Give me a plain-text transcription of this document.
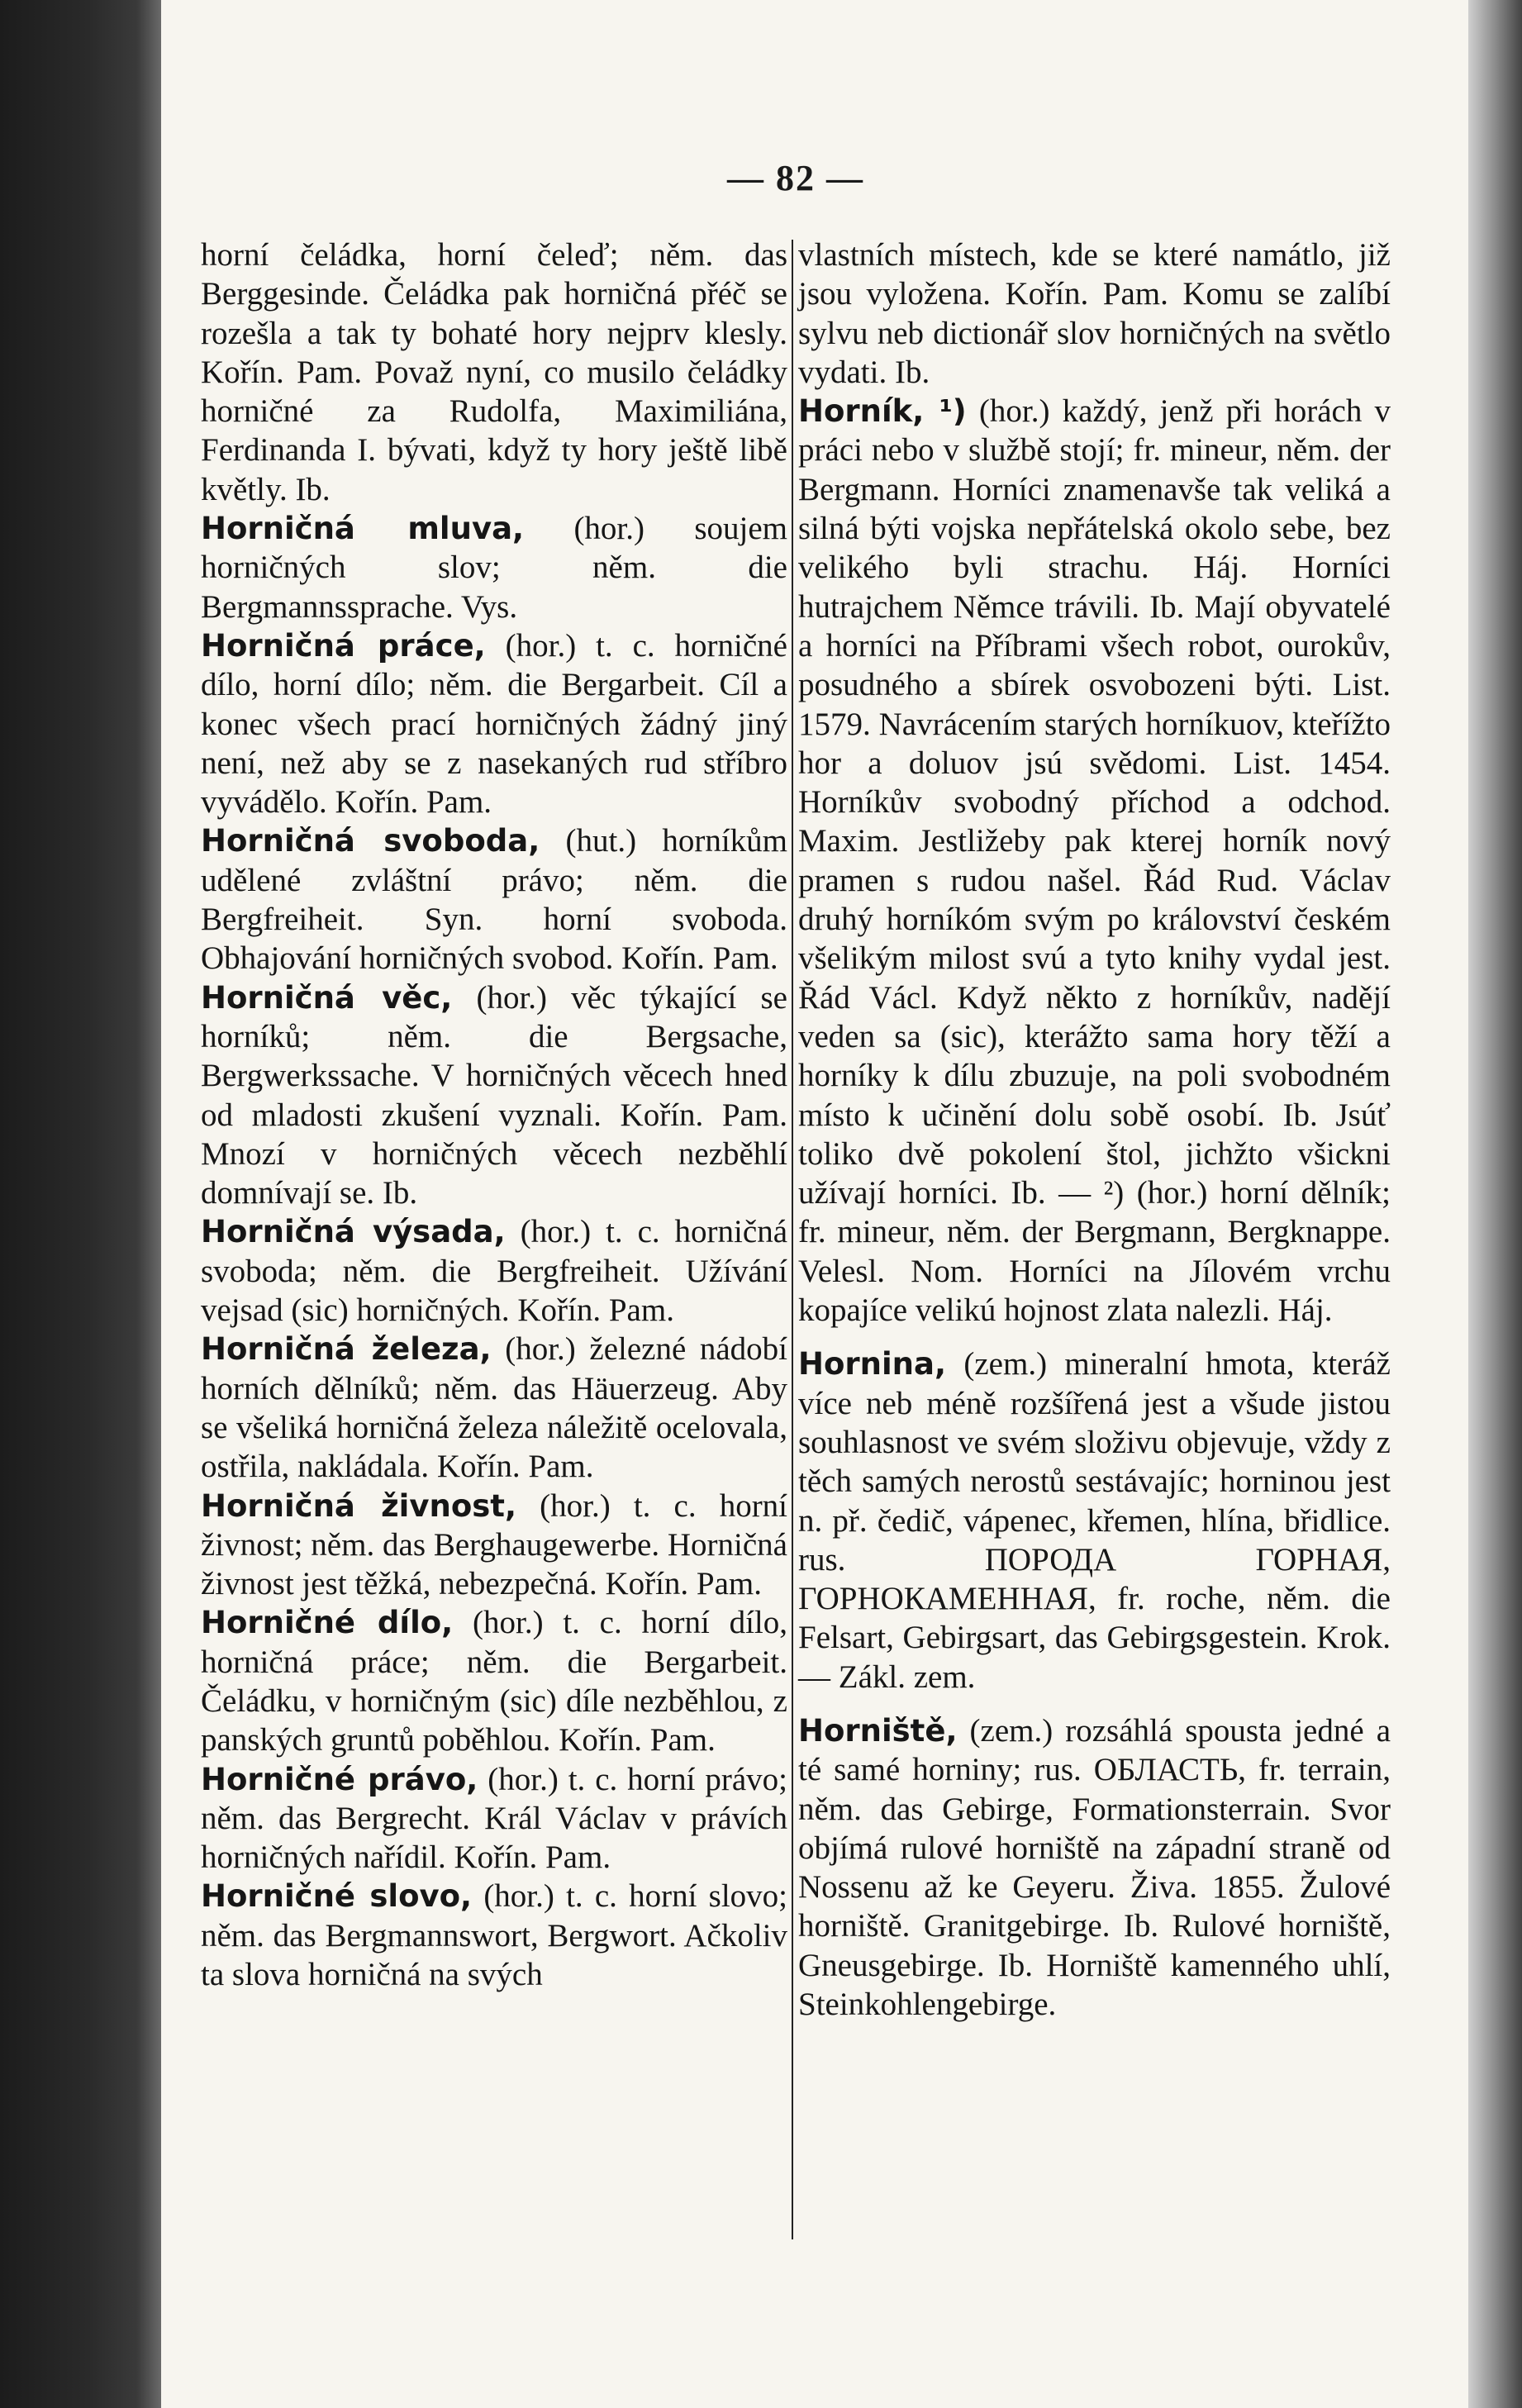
— 82 —

horní čeládka, horní čeleď; něm. das Berggesinde. Čeládka pak horničná přéč se rozešla a tak ty bohaté hory nejprv klesly. Kořín. Pam. Považ nyní, co musilo čeládky horničné za Rudolfa, Maximiliána, Ferdinanda I. bývati, když ty hory ještě libě květly. Ib.

Horničná mluva, (hor.) soujem horničných slov; něm. die Bergmannssprache. Vys.

Horničná práce, (hor.) t. c. horničné dílo, horní dílo; něm. die Bergarbeit. Cíl a konec všech prací horničných žádný jiný není, než aby se z nasekaných rud stříbro vyvádělo. Kořín. Pam.

Horničná svoboda, (hut.) horníkům udělené zvláštní právo; něm. die Bergfreiheit. Syn. horní svoboda. Obhajování horničných svobod. Kořín. Pam.

Horničná věc, (hor.) věc týkající se horníků; něm. die Bergsache, Bergwerkssache. V horničných věcech hned od mladosti zkušení vyznali. Kořín. Pam. Mnozí v horničných věcech nezběhlí domnívají se. Ib.

Horničná výsada, (hor.) t. c. horničná svoboda; něm. die Bergfreiheit. Užívání vejsad (sic) horničných. Kořín. Pam.

Horničná železa, (hor.) železné nádobí horních dělníků; něm. das Häuerzeug. Aby se všeliká horničná železa náležitě ocelovala, ostřila, nakládala. Kořín. Pam.

Horničná živnost, (hor.) t. c. horní živnost; něm. das Berghaugewerbe. Horničná živnost jest těžká, nebezpečná. Kořín. Pam.

Horničné dílo, (hor.) t. c. horní dílo, horničná práce; něm. die Bergarbeit. Čeládku, v horničným (sic) díle nezběhlou, z panských gruntů poběhlou. Kořín. Pam.

Horničné právo, (hor.) t. c. horní právo; něm. das Bergrecht. Král Václav v právích horničných nařídil. Kořín. Pam.

Horničné slovo, (hor.) t. c. horní slovo; něm. das Bergmannswort, Bergwort. Ačkoliv ta slova horničná na svých

vlastních místech, kde se které namátlo, již jsou vyložena. Kořín. Pam. Komu se zalíbí sylvu neb dictionář slov horničných na světlo vydati. Ib.

Horník, ¹) (hor.) každý, jenž při horách v práci nebo v službě stojí; fr. mineur, něm. der Bergmann. Horníci znamenavše tak veliká a silná býti vojska nepřátelská okolo sebe, bez velikého byli strachu. Háj. Horníci hutrajchem Němce trávili. Ib. Mají obyvatelé a horníci na Příbrami všech robot, ourokův, posudného a sbírek osvobozeni býti. List. 1579. Navrácením starých horníkuov, kteřížto hor a doluov jsú svědomi. List. 1454. Horníkův svobodný příchod a odchod. Maxim. Jestližeby pak kterej horník nový pramen s rudou našel. Řád Rud. Václav druhý horníkóm svým po království českém všelikým milost svú a tyto knihy vydal jest. Řád Václ. Když někto z horníkův, nadějí veden sa (sic), kterážto sama hory těží a horníky k dílu zbuzuje, na poli svobodném místo k učinění dolu sobě osobí. Ib. Jsúť tolikо dvě pokolení štol, jichžto všickni užívají horníci. Ib. — ²) (hor.) horní dělník; fr. mineur, něm. der Bergmann, Bergknappe. Velesl. Nom. Horníci na Jílovém vrchu kopajíce velikú hojnost zlata nalezli. Háj.

Hornina, (zem.) mineralní hmota, kteráž více neb méně rozšířená jest a všude jistou souhlasnost ve svém složivu objevuje, vždy z těch samých nerostů sestávajíc; horninou jest n. př. čedič, vápenec, křemen, hlína, břidlice. rus. ПОРОДА ГОРНАЯ, ГОРНОКАМЕННАЯ, fr. roche, něm. die Felsart, Gebirgsart, das Gebirgsgestein. Krok. — Zákl. zem.

Horniště, (zem.) rozsáhlá spousta jedné a té samé horniny; rus. ОБЛАСТЬ, fr. terrain, něm. das Gebirge, Formationsterrain. Svor objímá rulové horniště na západní straně od Nossenu až ke Geyeru. Živa. 1855. Žulové horniště. Granitgebirge. Ib. Rulové horniště, Gneusgebirge. Ib. Horniště kamenného uhlí, Steinkohlengebirge.
